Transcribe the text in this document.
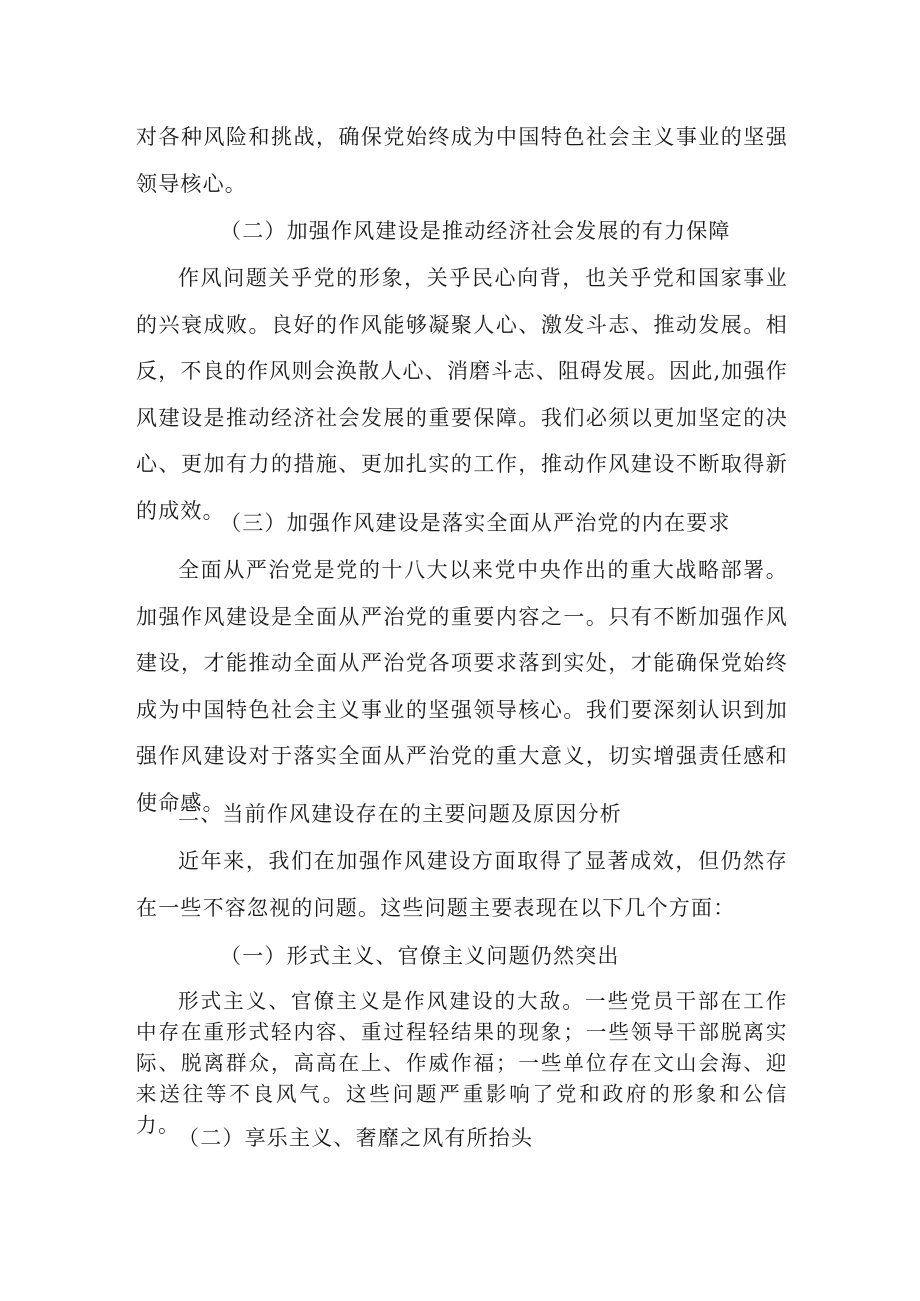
对各种风险和挑战，确保党始终成为中国特色社会主义事业的坚强领导核心。

（二）加强作风建设是推动经济社会发展的有力保障

作风问题关乎党的形象，关乎民心向背，也关乎党和国家事业的兴衰成败。良好的作风能够凝聚人心、激发斗志、推动发展。相反，不良的作风则会涣散人心、消磨斗志、阻碍发展。因此,加强作风建设是推动经济社会发展的重要保障。我们必须以更加坚定的决心、更加有力的措施、更加扎实的工作，推动作风建设不断取得新的成效。

（三）加强作风建设是落实全面从严治党的内在要求

全面从严治党是党的十八大以来党中央作出的重大战略部署。加强作风建设是全面从严治党的重要内容之一。只有不断加强作风建设，才能推动全面从严治党各项要求落到实处，才能确保党始终成为中国特色社会主义事业的坚强领导核心。我们要深刻认识到加强作风建设对于落实全面从严治党的重大意义，切实增强责任感和使命感。

二、当前作风建设存在的主要问题及原因分析

近年来，我们在加强作风建设方面取得了显著成效，但仍然存在一些不容忽视的问题。这些问题主要表现在以下几个方面：

（一）形式主义、官僚主义问题仍然突出

形式主义、官僚主义是作风建设的大敌。一些党员干部在工作中存在重形式轻内容、重过程轻结果的现象；一些领导干部脱离实际、脱离群众，高高在上、作威作福；一些单位存在文山会海、迎来送往等不良风气。这些问题严重影响了党和政府的形象和公信力。

（二）享乐主义、奢靡之风有所抬头
